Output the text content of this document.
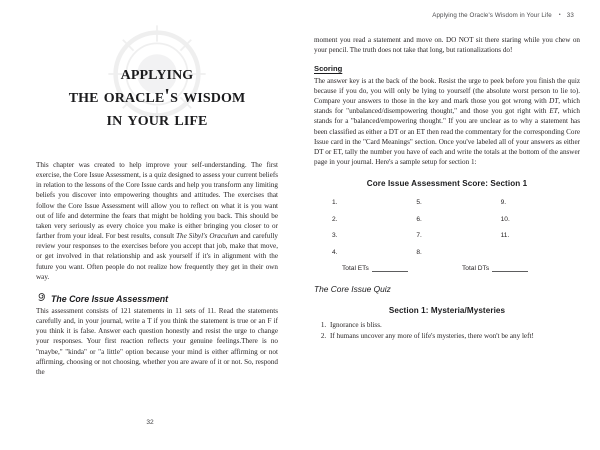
applying
the oracle's wisdom
in your life

This chapter was created to help improve your self-understanding. The first exercise, the Core Issue Assessment, is a quiz designed to assess your current beliefs in relation to the lessons of the Core Issue cards and help you transform any limiting beliefs you discover into empowering thoughts and attitudes. The exercises that follow the Core Issue Assessment will allow you to reflect on what it is you want out of life and determine the fears that might be holding you back. This should be taken very seriously as every choice you make is either bringing you closer to or farther from your ideal. For best results, consult The Sibyl's Oraculum and carefully review your responses to the exercises before you accept that job, make that move, or get involved in that relationship and ask yourself if it's in alignment with the future you want. Often people do not realize how frequently they get in their own way.

The Core Issue Assessment

This assessment consists of 121 statements in 11 sets of 11. Read the statements carefully and, in your journal, write a T if you think the statement is true or an F if you think it is false. Answer each question honestly and resist the urge to change your responses. Your first reaction reflects your genuine feelings.There is no "maybe," "kinda" or "a little" option because your mind is either affirming or not affirming, choosing or not choosing, whether you are aware of it or not. So, respond the

32
Applying the Oracle's Wisdom in Your Life • 33

moment you read a statement and move on. DO NOT sit there staring while you chew on your pencil. The truth does not take that long, but rationalizations do!

Scoring

The answer key is at the back of the book. Resist the urge to peek before you finish the quiz because if you do, you will only be lying to yourself (the absolute worst person to lie to). Compare your answers to those in the key and mark those you got wrong with DT, which stands for "unbalanced/disempowering thought," and those you got right with ET, which stands for a "balanced/empowering thought." If you are unclear as to why a statement has been classified as either a DT or an ET then read the commentary for the corresponding Core Issue card in the "Card Meanings" section. Once you've labeled all of your answers as either DT or ET, tally the number you have of each and write the totals at the bottom of the answer page in your journal. Here's a sample setup for section 1:

Core Issue Assessment Score: Section 1
1.	5.	9.
2.	6.	10.
3.	7.	11.
4.	8.
Total ETs	Total DTs
The Core Issue Quiz
Section 1: Mysteria/Mysteries
1. Ignorance is bliss.
2. If humans uncover any more of life's mysteries, there won't be any left!
